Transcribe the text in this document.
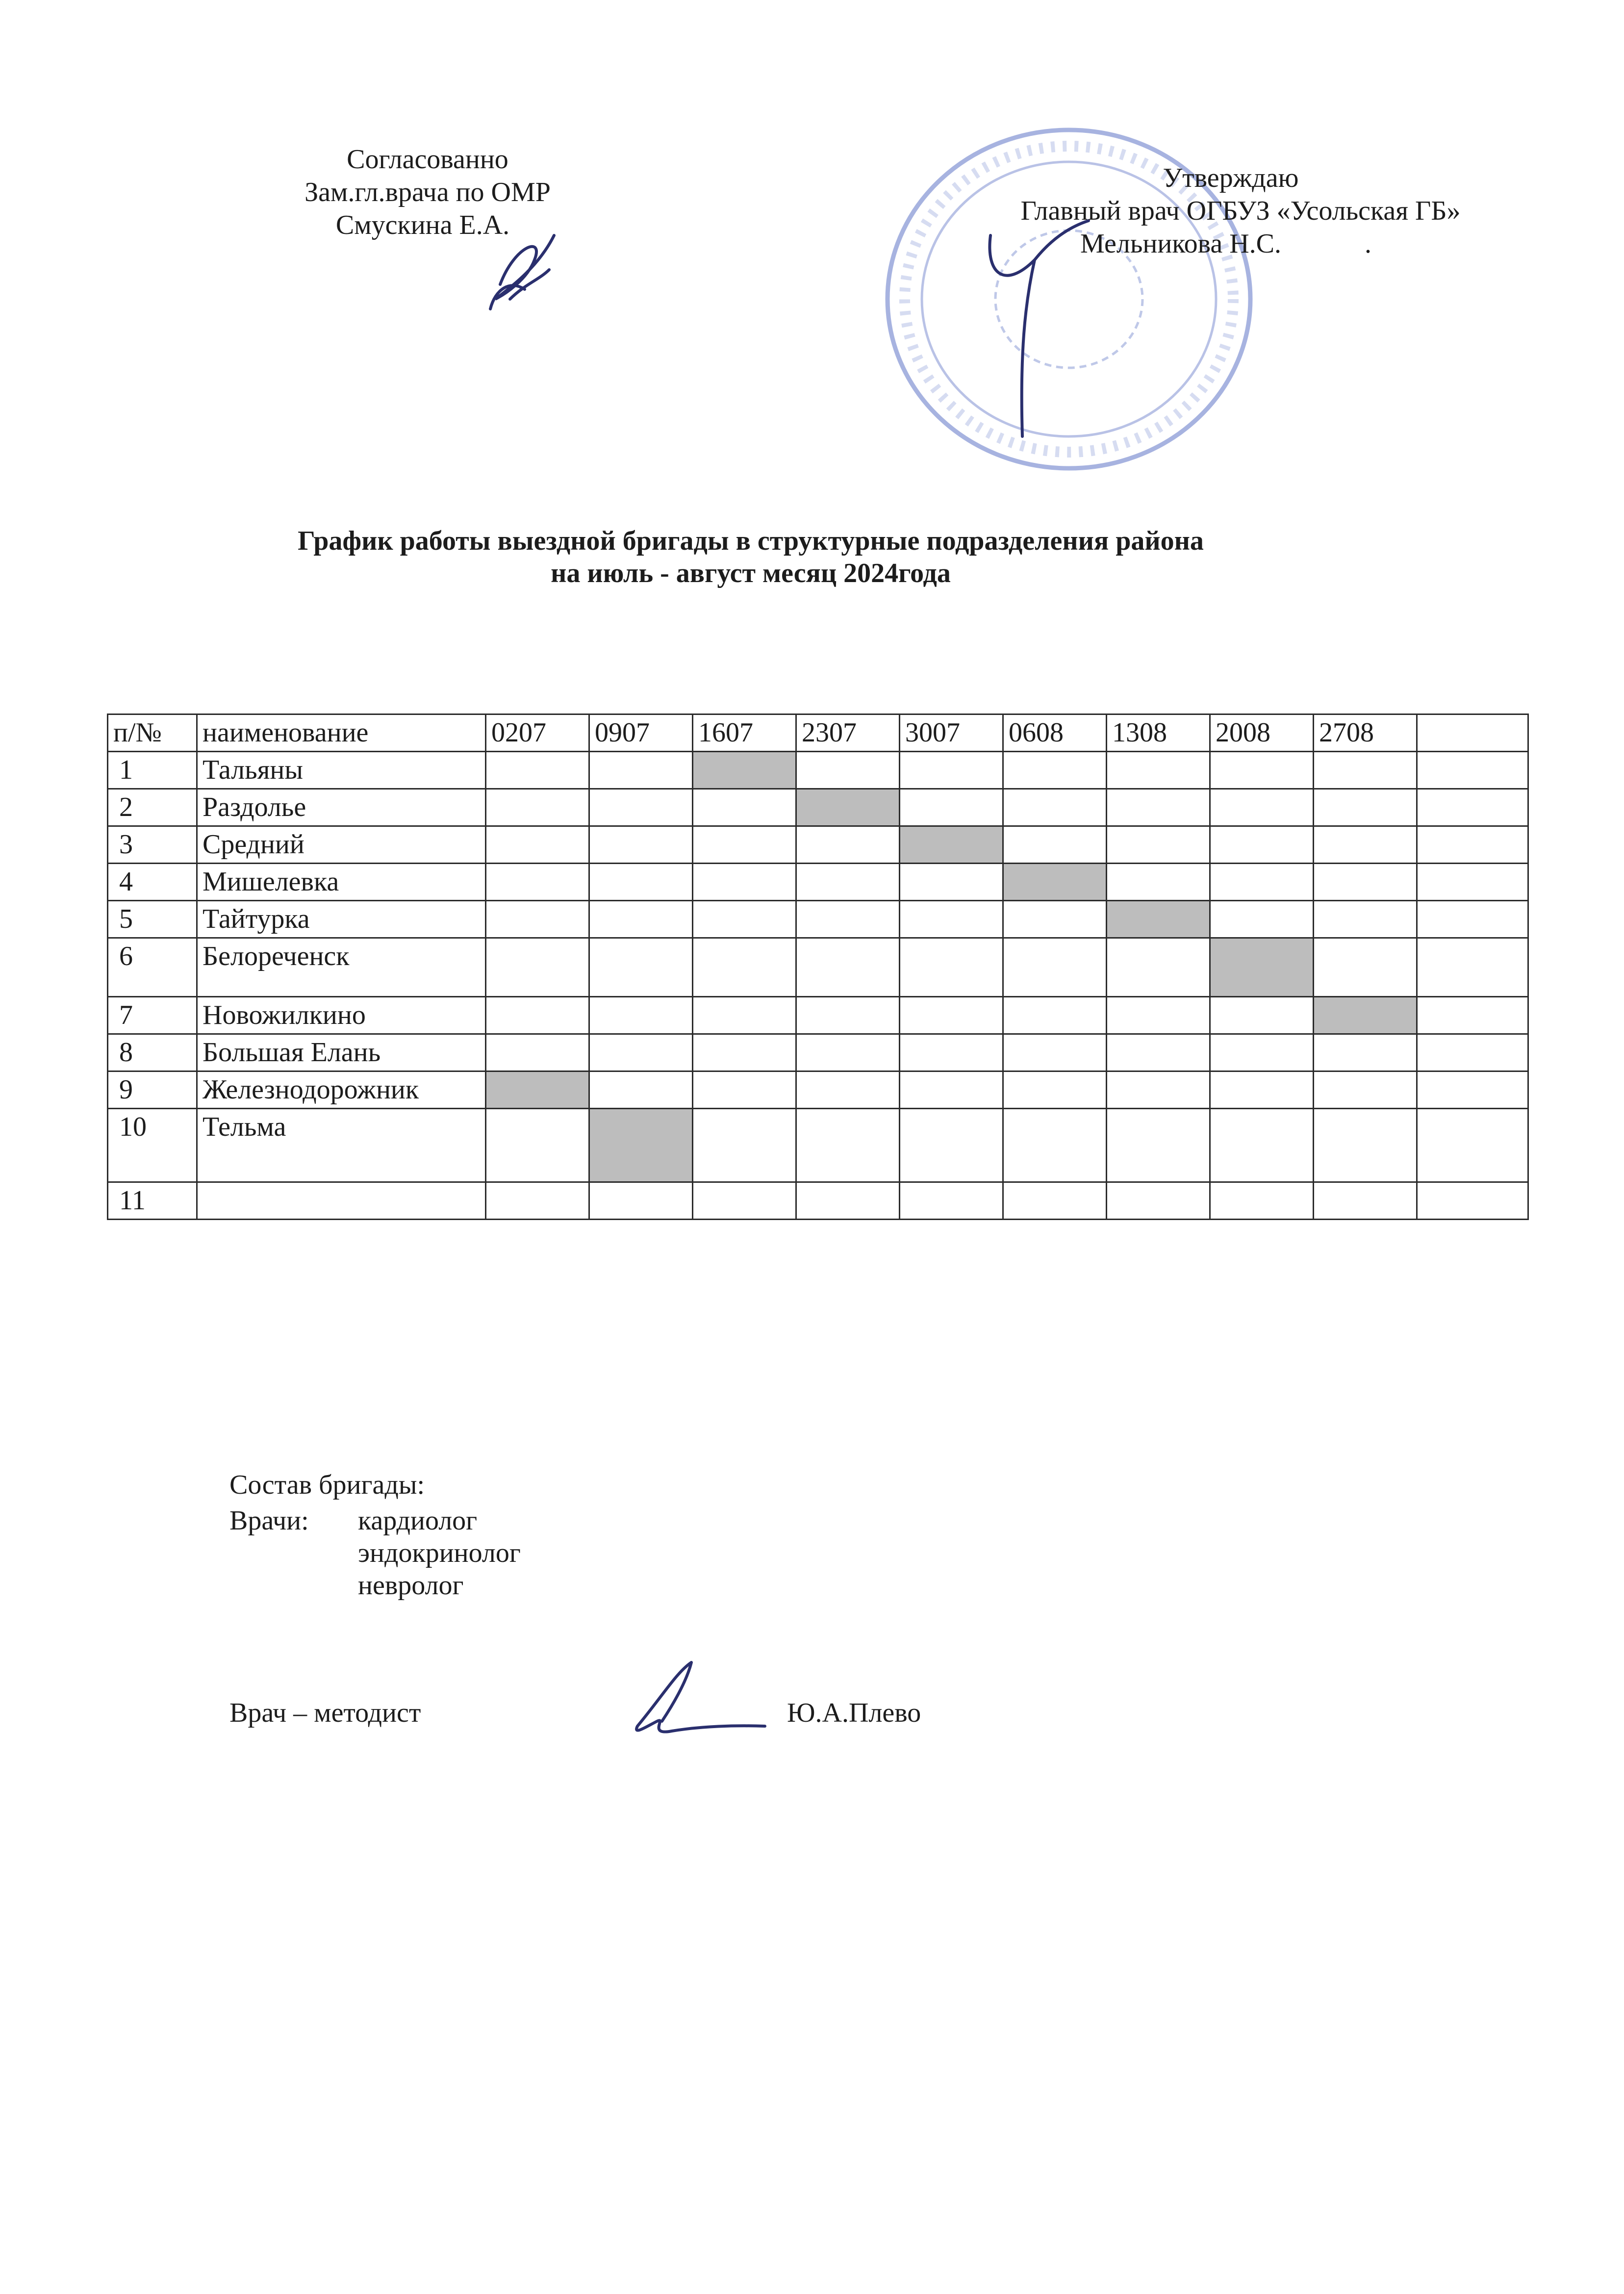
Согласованно
Зам.гл.врача по ОМР
Смускина Е.А.
Утверждаю
Главный врач ОГБУЗ «Усольская ГБ»
Мельникова Н.С.	.
График работы выездной бригады в структурные подразделения района
на июль - август месяц 2024года
п/№	наименование	0207	0907	1607	2307	3007	0608	1308	2008	2708	
1	Тальяны										
2	Раздолье										
3	Средний										
4	Мишелевка										
5	Тайтурка										
6	Белореченск										
7	Новожилкино										
8	Большая Елань										
9	Железнодорожник										
10	Тельма										
11											
Состав бригады:
Врачи: кардиолог
эндокринолог
невролог
Врач – методист	Ю.А.Плево
